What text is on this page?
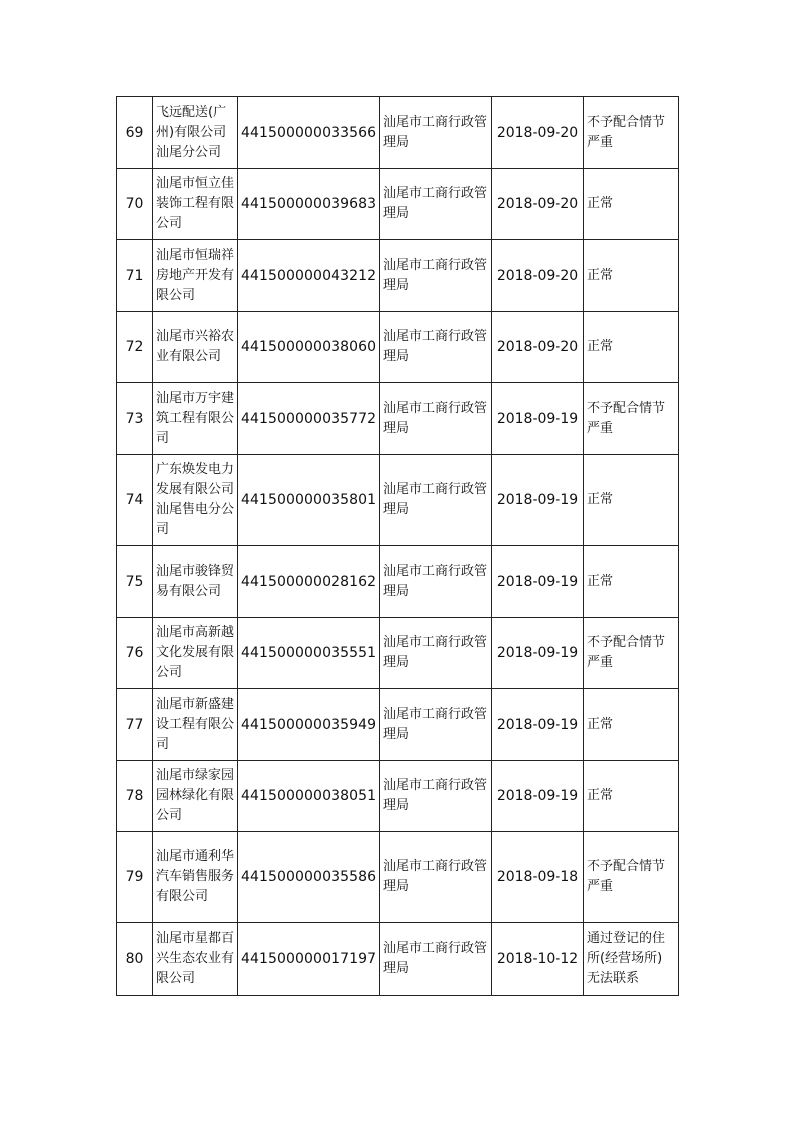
69	飞远配送(广州)有限公司汕尾分公司	441500000033566	汕尾市工商行政管理局	2018-09-20	不予配合情节严重
70	汕尾市恒立佳装饰工程有限公司	441500000039683	汕尾市工商行政管理局	2018-09-20	正常
71	汕尾市恒瑞祥房地产开发有限公司	441500000043212	汕尾市工商行政管理局	2018-09-20	正常
72	汕尾市兴裕农业有限公司	441500000038060	汕尾市工商行政管理局	2018-09-20	正常
73	汕尾市万宇建筑工程有限公司	441500000035772	汕尾市工商行政管理局	2018-09-19	不予配合情节严重
74	广东焕发电力发展有限公司汕尾售电分公司	441500000035801	汕尾市工商行政管理局	2018-09-19	正常
75	汕尾市骏锋贸易有限公司	441500000028162	汕尾市工商行政管理局	2018-09-19	正常
76	汕尾市高新越文化发展有限公司	441500000035551	汕尾市工商行政管理局	2018-09-19	不予配合情节严重
77	汕尾市新盛建设工程有限公司	441500000035949	汕尾市工商行政管理局	2018-09-19	正常
78	汕尾市绿家园园林绿化有限公司	441500000038051	汕尾市工商行政管理局	2018-09-19	正常
79	汕尾市通利华汽车销售服务有限公司	441500000035586	汕尾市工商行政管理局	2018-09-18	不予配合情节严重
80	汕尾市星都百兴生态农业有限公司	441500000017197	汕尾市工商行政管理局	2018-10-12	通过登记的住所(经营场所)无法联系
